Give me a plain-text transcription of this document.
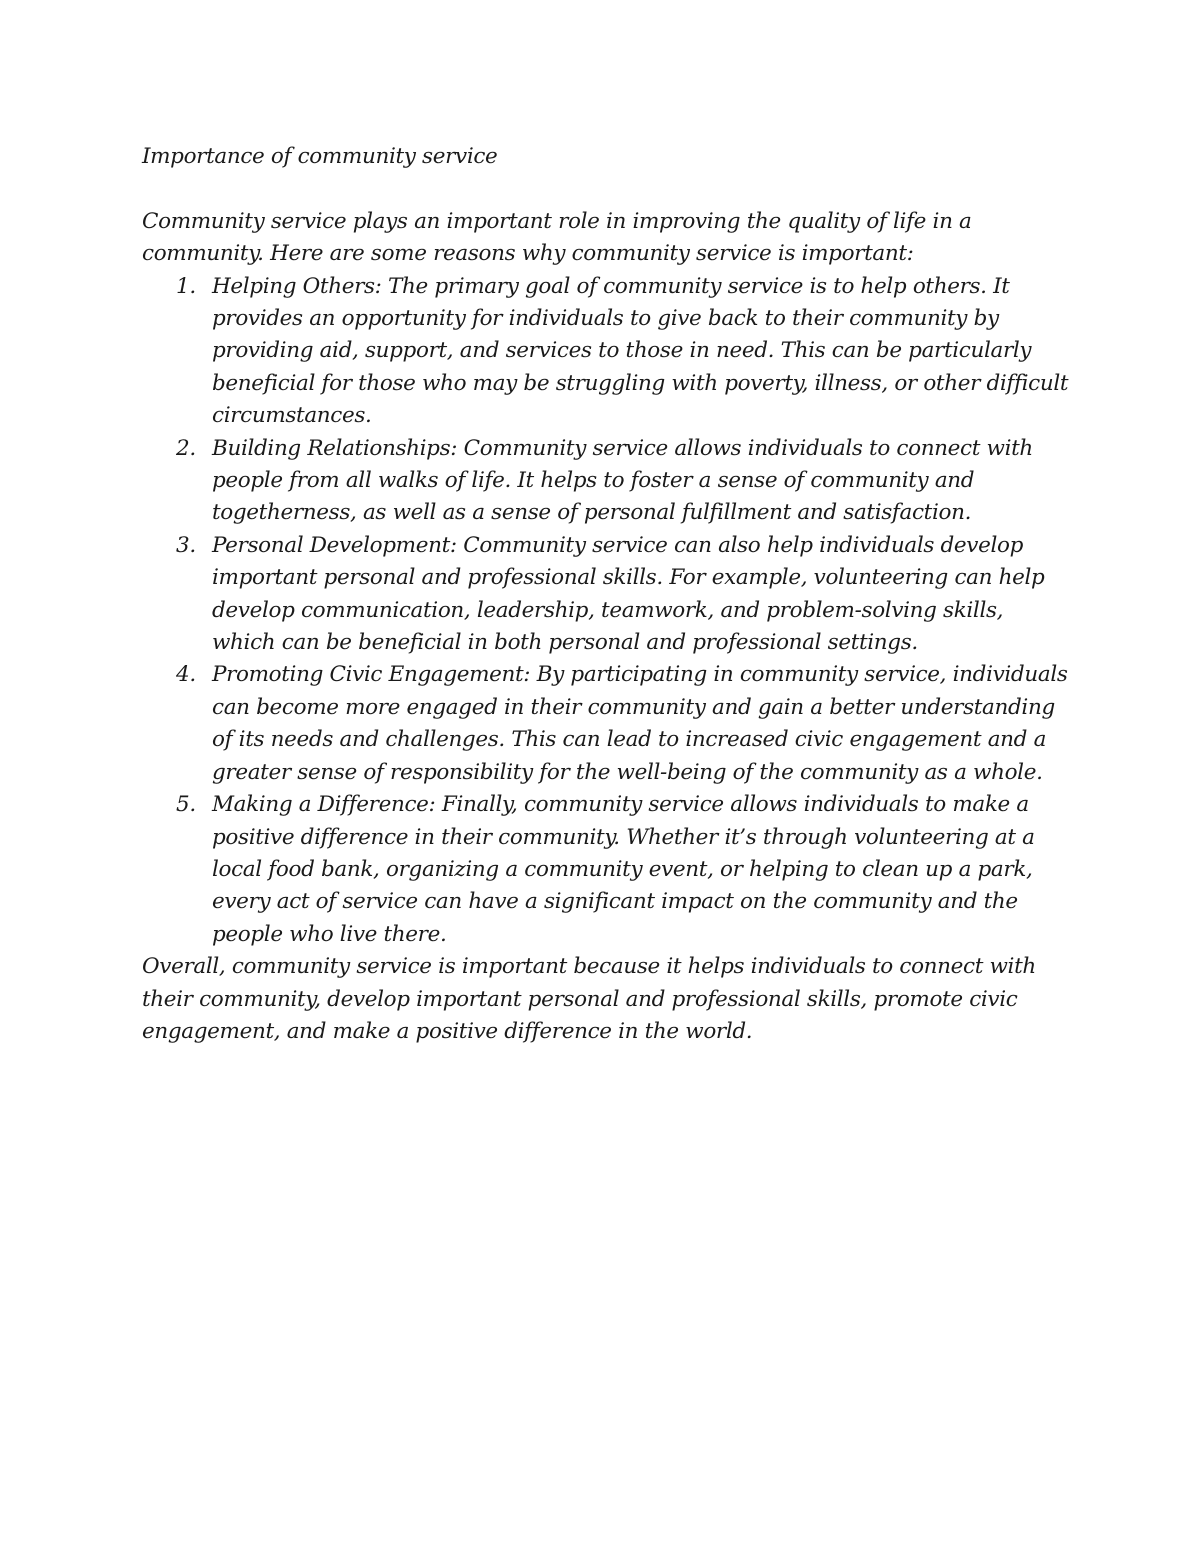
Importance of community service

Community service plays an important role in improving the quality of life in a community. Here are some reasons why community service is important:

1. Helping Others: The primary goal of community service is to help others. It provides an opportunity for individuals to give back to their community by providing aid, support, and services to those in need. This can be particularly beneficial for those who may be struggling with poverty, illness, or other difficult circumstances.
2. Building Relationships: Community service allows individuals to connect with people from all walks of life. It helps to foster a sense of community and togetherness, as well as a sense of personal fulfillment and satisfaction.
3. Personal Development: Community service can also help individuals develop important personal and professional skills. For example, volunteering can help develop communication, leadership, teamwork, and problem-solving skills, which can be beneficial in both personal and professional settings.
4. Promoting Civic Engagement: By participating in community service, individuals can become more engaged in their community and gain a better understanding of its needs and challenges. This can lead to increased civic engagement and a greater sense of responsibility for the well-being of the community as a whole.
5. Making a Difference: Finally, community service allows individuals to make a positive difference in their community. Whether it’s through volunteering at a local food bank, organizing a community event, or helping to clean up a park, every act of service can have a significant impact on the community and the people who live there.

Overall, community service is important because it helps individuals to connect with their community, develop important personal and professional skills, promote civic engagement, and make a positive difference in the world.
